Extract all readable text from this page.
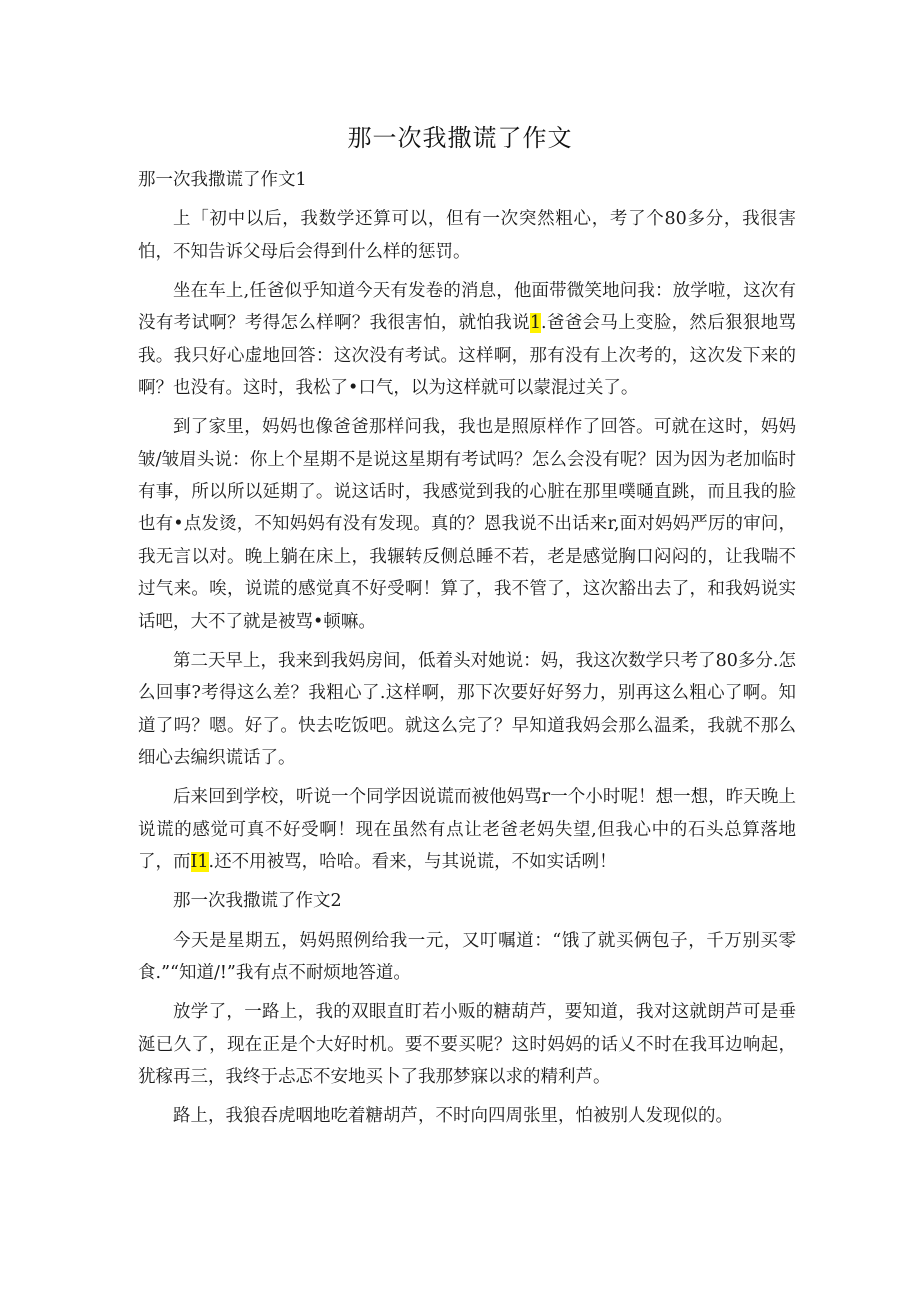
那一次我撒谎了作文

那一次我撒谎了作文1

上「初中以后，我数学还算可以，但有一次突然粗心，考了个80多分，我很害怕，不知告诉父母后会得到什么样的惩罚。

坐在车上,任爸似乎知道今天有发卷的消息，他面带微笑地问我：放学啦，这次有没有考试啊？考得怎么样啊？我很害怕，就怕我说1.爸爸会马上变脸，然后狠狠地骂我。我只好心虚地回答：这次没有考试。这样啊，那有没有上次考的，这次发下来的啊？也没有。这时，我松了•口气，以为这样就可以蒙混过关了。

到了家里，妈妈也像爸爸那样问我，我也是照原样作了回答。可就在这时，妈妈皱/皱眉头说：你上个星期不是说这星期有考试吗？怎么会没有呢？因为因为老加临时有事，所以所以延期了。说这话时，我感觉到我的心脏在那里噗嗵直跳，而且我的脸也有•点发烫，不知妈妈有没有发现。真的？恩我说不出话来r,面对妈妈严厉的审问，我无言以对。晚上躺在床上，我辗转反侧总睡不若，老是感觉胸口闷闷的，让我喘不过气来。唉，说谎的感觉真不好受啊！算了，我不管了，这次豁出去了，和我妈说实话吧，大不了就是被骂•顿嘛。

第二天早上，我来到我妈房间，低着头对她说：妈，我这次数学只考了80多分.怎么回事?考得这么差？我粗心了.这样啊，那下次要好好努力，别再这么粗心了啊。知道了吗？嗯。好了。快去吃饭吧。就这么完了？早知道我妈会那么温柔，我就不那么细心去编织谎话了。

后来回到学校，听说一个同学因说谎而被他妈骂r一个小时呢！想一想，昨天晚上说谎的感觉可真不好受啊！现在虽然有点让老爸老妈失望,但我心中的石头总算落地了，而I1.还不用被骂，哈哈。看来，与其说谎，不如实话咧！

那一次我撒谎了作文2

今天是星期五，妈妈照例给我一元，又叮嘱道：“饿了就买俩包子，千万别买零食.”“知道/!”我有点不耐烦地答道。

放学了，一路上，我的双眼直盯若小贩的糖葫芦，要知道，我对这就朗芦可是垂涎已久了，现在正是个大好时机。要不要买呢？这时妈妈的话乂不时在我耳边响起，犹稼再三，我终于忐忑不安地买卜了我那梦寐以求的精利芦。

路上，我狼吞虎咽地吃着糖胡芦，不时向四周张里，怕被别人发现似的。
